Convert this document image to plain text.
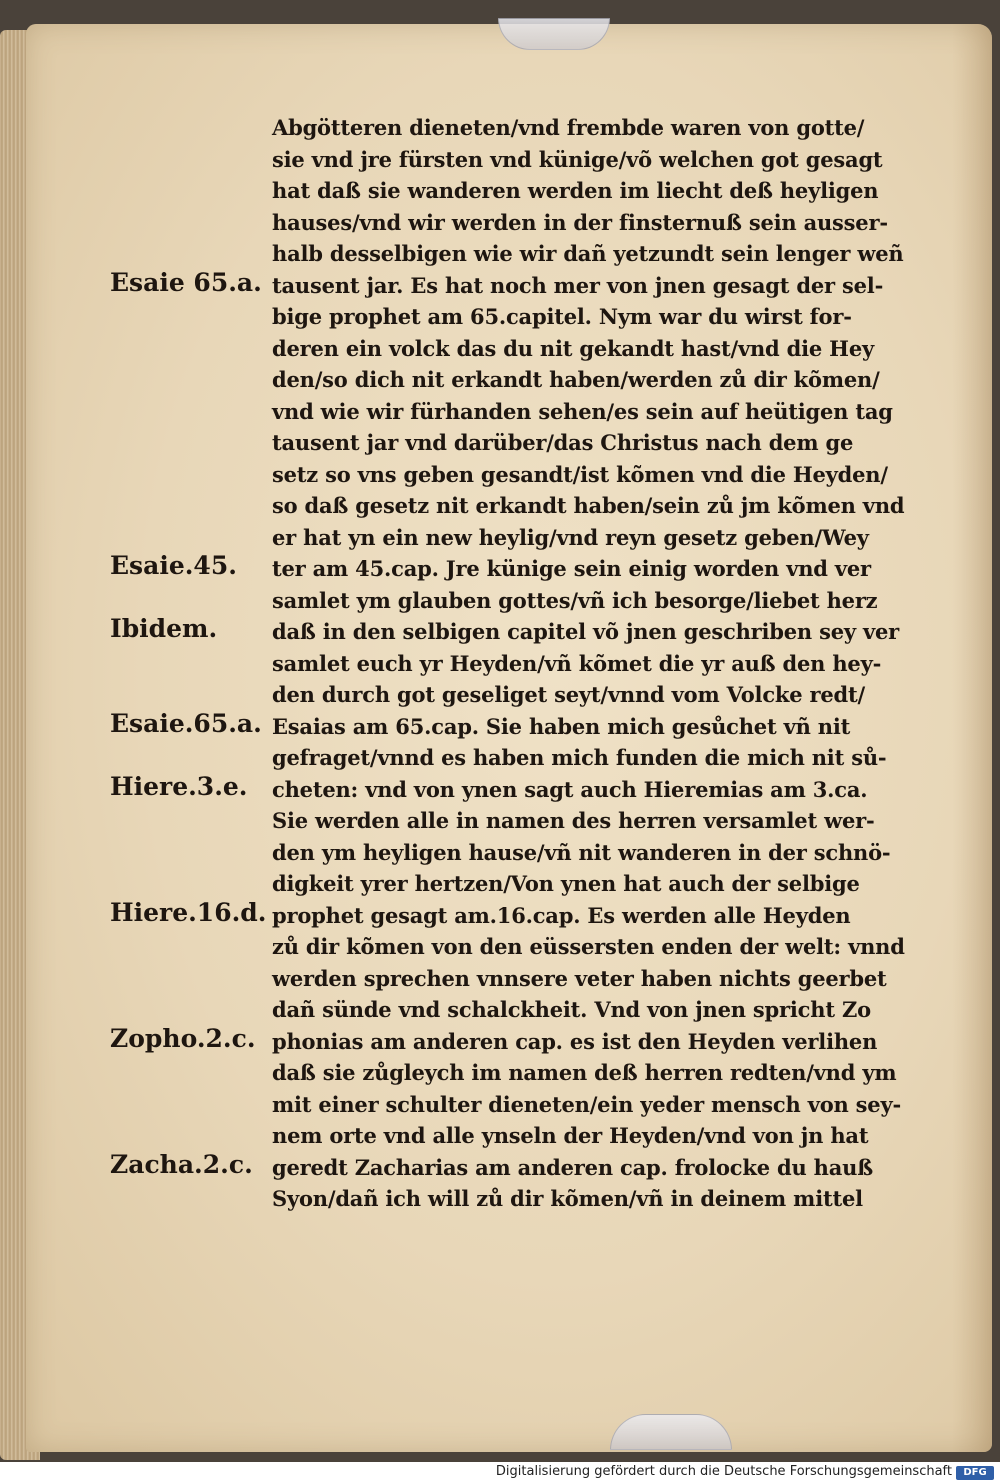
Abgötteren dieneten/vnd frembde waren von gotte/
sie vnd jre fürsten vnd künige/võ welchen got gesagt
hat daß sie wanderen werden im liecht deß heyligen
hauses/vnd wir werden in der finsternuß sein ausser-
halb desselbigen wie wir dañ yetzundt sein lenger weñ
tausent jar. Es hat noch mer von jnen gesagt der sel-
bige prophet am 65.capitel. Nym war du wirst for-
deren ein volck das du nit gekandt hast/vnd die Hey
den/so dich nit erkandt haben/werden zů dir kõmen/
vnd wie wir fürhanden sehen/es sein auf heütigen tag
tausent jar vnd darüber/das Christus nach dem ge
setz so vns geben gesandt/ist kõmen vnd die Heyden/
so daß gesetz nit erkandt haben/sein zů jm kõmen vnd
er hat yn ein new heylig/vnd reyn gesetz geben/Wey
ter am 45.cap. Jre künige sein einig worden vnd ver
samlet ym glauben gottes/vñ ich besorge/liebet herz
daß in den selbigen capitel võ jnen geschriben sey ver
samlet euch yr Heyden/vñ kõmet die yr auß den hey-
den durch got geseliget seyt/vnnd vom Volcke redt/
Esaias am 65.cap. Sie haben mich gesůchet vñ nit
gefraget/vnnd es haben mich funden die mich nit sů-
cheten: vnd von ynen sagt auch Hieremias am 3.ca.
Sie werden alle in namen des herren versamlet wer-
den ym heyligen hause/vñ nit wanderen in der schnö-
digkeit yrer hertzen/Von ynen hat auch der selbige
prophet gesagt am.16.cap. Es werden alle Heyden
zů dir kõmen von den eüssersten enden der welt: vnnd
werden sprechen vnnsere veter haben nichts geerbet
dañ sünde vnd schalckheit. Vnd von jnen spricht Zo
phonias am anderen cap. es ist den Heyden verlihen
daß sie zůgleych im namen deß herren redten/vnd ym
mit einer schulter dieneten/ein yeder mensch von sey-
nem orte vnd alle ynseln der Heyden/vnd von jn hat
geredt Zacharias am anderen cap. frolocke du hauß
Syon/dañ ich will zů dir kõmen/vñ in deinem mittel
Esaie 65.a.
Esaie.45.
Ibidem.
Esaie.65.a.
Hiere.3.e.
Hiere.16.d.
Zopho.2.c.
Zacha.2.c.
Digitalisierung gefördert durch die Deutsche Forschungsgemeinschaft	DFG
